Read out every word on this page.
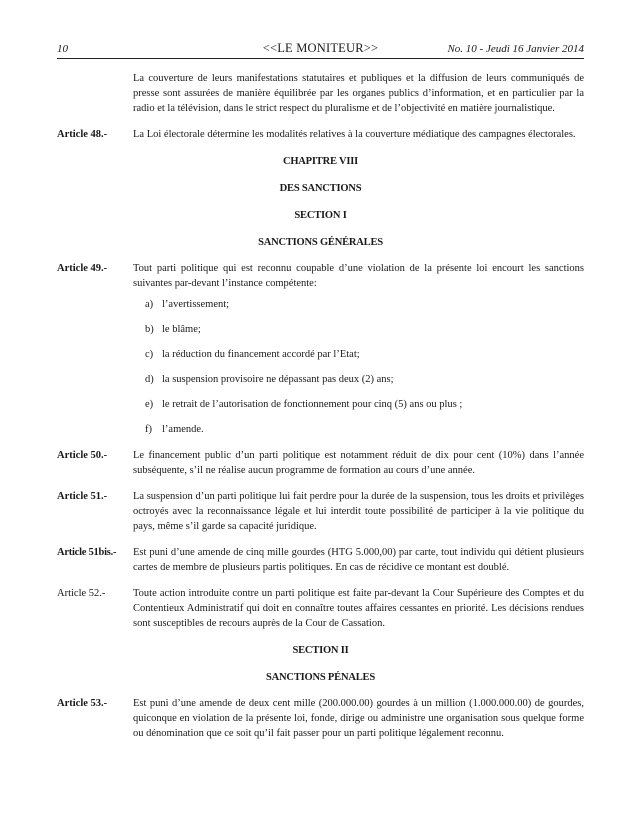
10	<<LE MONITEUR>>	No. 10 - Jeudi 16 Janvier 2014

La couverture de leurs manifestations statutaires et publiques et la diffusion de leurs communiqués de presse sont assurées de manière équilibrée par les organes publics d’information, et en particulier par la radio et la télévision, dans le strict respect du pluralisme et de l’objectivité en matière journalistique.

Article 48.-	La Loi électorale détermine les modalités relatives à la couverture médiatique des campagnes électorales.

CHAPITRE VIII
DES SANCTIONS
SECTION I
SANCTIONS GÉNÉRALES
Article 49.-	Tout parti politique qui est reconnu coupable d’une violation de la présente loi encourt les sanctions suivantes par-devant l’instance compétente:

a) l’avertissement;
b) le blâme;
c) la réduction du financement accordé par l’Etat;
d) la suspension provisoire ne dépassant pas deux (2) ans;
e) le retrait de l’autorisation de fonctionnement pour cinq (5) ans ou plus ;
f) l’amende.
Article 50.-	Le financement public d’un parti politique est notamment réduit de dix pour cent (10%) dans l’année subséquente, s’il ne réalise aucun programme de formation au cours d’une année.

Article 51.-	La suspension d’un parti politique lui fait perdre pour la durée de la suspension, tous les droits et privilèges octroyés avec la reconnaissance légale et lui interdit toute possibilité de participer à la vie politique du pays, même s’il garde sa capacité juridique.

Article 51bis.-	Est puni d’une amende de cinq mille gourdes (HTG 5.000,00) par carte, tout individu qui détient plusieurs cartes de membre de plusieurs partis politiques. En cas de récidive ce montant est doublé.

Article 52.-	Toute action introduite contre un parti politique est faite par-devant la Cour Supérieure des Comptes et du Contentieux Administratif qui doit en connaître toutes affaires cessantes en priorité. Les décisions rendues sont susceptibles de recours auprès de la Cour de Cassation.

SECTION II
SANCTIONS PÉNALES
Article 53.-	Est puni d’une amende de deux cent mille (200.000.00) gourdes à un million (1.000.000.00) de gourdes, quiconque en violation de la présente loi, fonde, dirige ou administre une organisation sous quelque forme ou dénomination que ce soit qu’il fait passer pour un parti politique légalement reconnu.
